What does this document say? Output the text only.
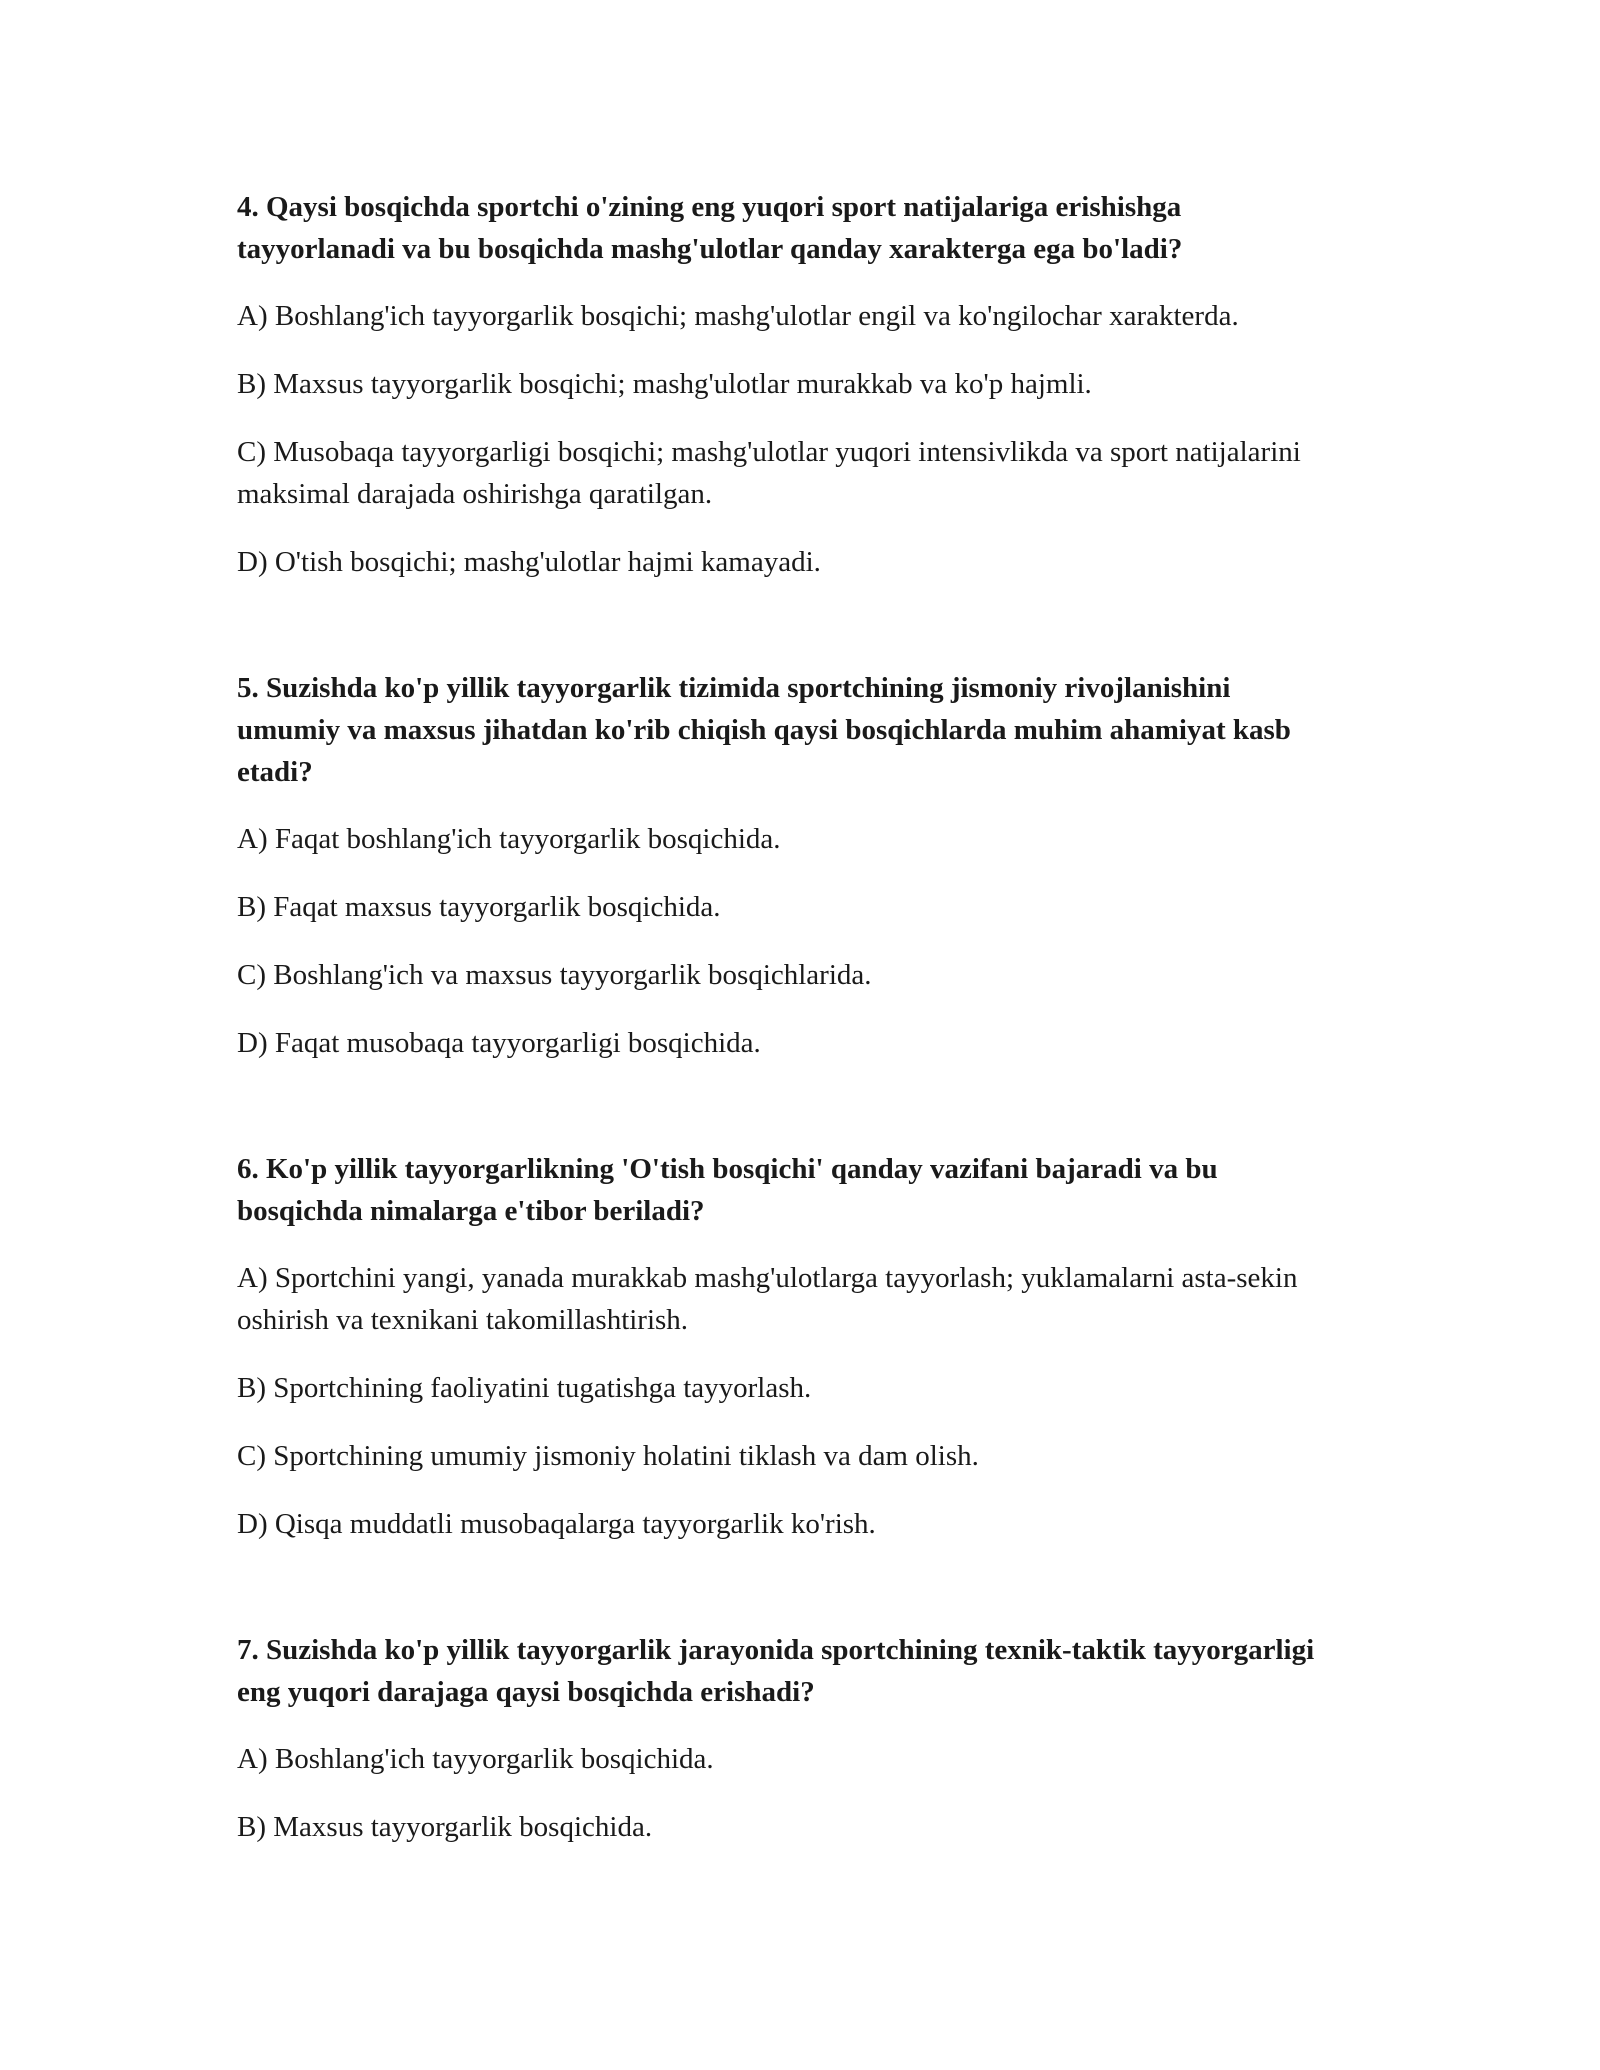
4. Qaysi bosqichda sportchi o'zining eng yuqori sport natijalariga erishishga tayyorlanadi va bu bosqichda mashg'ulotlar qanday xarakterga ega bo'ladi?

A) Boshlang'ich tayyorgarlik bosqichi; mashg'ulotlar engil va ko'ngilochar xarakterda.

B) Maxsus tayyorgarlik bosqichi; mashg'ulotlar murakkab va ko'p hajmli.

C) Musobaqa tayyorgarligi bosqichi; mashg'ulotlar yuqori intensivlikda va sport natijalarini maksimal darajada oshirishga qaratilgan.

D) O'tish bosqichi; mashg'ulotlar hajmi kamayadi.

5. Suzishda ko'p yillik tayyorgarlik tizimida sportchining jismoniy rivojlanishini umumiy va maxsus jihatdan ko'rib chiqish qaysi bosqichlarda muhim ahamiyat kasb etadi?

A) Faqat boshlang'ich tayyorgarlik bosqichida.

B) Faqat maxsus tayyorgarlik bosqichida.

C) Boshlang'ich va maxsus tayyorgarlik bosqichlarida.

D) Faqat musobaqa tayyorgarligi bosqichida.

6. Ko'p yillik tayyorgarlikning 'O'tish bosqichi' qanday vazifani bajaradi va bu bosqichda nimalarga e'tibor beriladi?

A) Sportchini yangi, yanada murakkab mashg'ulotlarga tayyorlash; yuklamalarni asta-sekin oshirish va texnikani takomillashtirish.

B) Sportchining faoliyatini tugatishga tayyorlash.

C) Sportchining umumiy jismoniy holatini tiklash va dam olish.

D) Qisqa muddatli musobaqalarga tayyorgarlik ko'rish.

7. Suzishda ko'p yillik tayyorgarlik jarayonida sportchining texnik-taktik tayyorgarligi eng yuqori darajaga qaysi bosqichda erishadi?

A) Boshlang'ich tayyorgarlik bosqichida.

B) Maxsus tayyorgarlik bosqichida.
